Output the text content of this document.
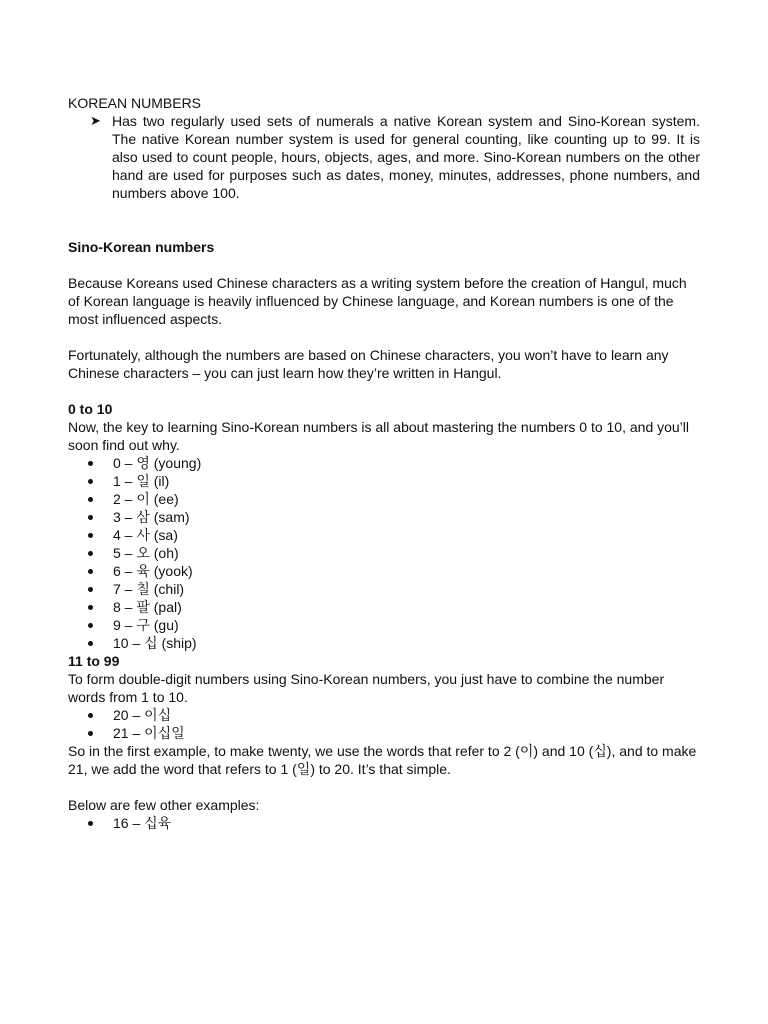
KOREAN NUMBERS

➤ Has two regularly used sets of numerals a native Korean system and Sino-Korean system. The native Korean number system is used for general counting, like counting up to 99. It is also used to count people, hours, objects, ages, and more. Sino-Korean numbers on the other hand are used for purposes such as dates, money, minutes, addresses, phone numbers, and numbers above 100.

Sino-Korean numbers

Because Koreans used Chinese characters as a writing system before the creation of Hangul, much of Korean language is heavily influenced by Chinese language, and Korean numbers is one of the most influenced aspects.

Fortunately, although the numbers are based on Chinese characters, you won’t have to learn any Chinese characters – you can just learn how they’re written in Hangul.

0 to 10

Now, the key to learning Sino-Korean numbers is all about mastering the numbers 0 to 10, and you’ll soon find out why.

0 – 영 (young)
1 – 일 (il)
2 – 이 (ee)
3 – 삼 (sam)
4 – 사 (sa)
5 – 오 (oh)
6 – 육 (yook)
7 – 칠 (chil)
8 – 팔 (pal)
9 – 구 (gu)
10 – 십 (ship)

11 to 99

To form double-digit numbers using Sino-Korean numbers, you just have to combine the number words from 1 to 10.

20 – 이십
21 – 이십일

So in the first example, to make twenty, we use the words that refer to 2 (이) and 10 (십), and to make 21, we add the word that refers to 1 (일) to 20. It’s that simple.

Below are few other examples:

16 – 십육
